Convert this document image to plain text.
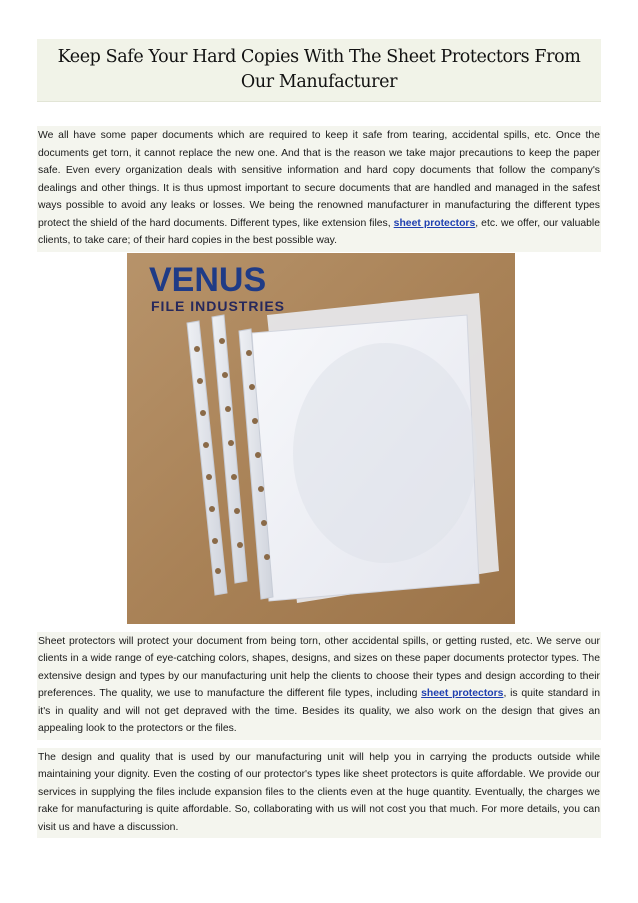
Keep Safe Your Hard Copies With The Sheet Protectors From Our Manufacturer

We all have some paper documents which are required to keep it safe from tearing, accidental spills, etc. Once the documents get torn, it cannot replace the new one. And that is the reason we take major precautions to keep the paper safe. Even every organization deals with sensitive information and hard copy documents that follow the company's dealings and other things. It is thus upmost important to secure documents that are handled and managed in the safest ways possible to avoid any leaks or losses. We being the renowned manufacturer in manufacturing the different types protect the shield of the hard documents. Different types, like extension files, sheet protectors, etc. we offer, our valuable clients, to take care; of their hard copies in the best possible way.

VENUS
FILE INDUSTRIES

Sheet protectors will protect your document from being torn, other accidental spills, or getting rusted, etc. We serve our clients in a wide range of eye-catching colors, shapes, designs, and sizes on these paper documents protector types. The extensive design and types by our manufacturing unit help the clients to choose their types and design according to their preferences. The quality, we use to manufacture the different file types, including sheet protectors, is quite standard in it's in quality and will not get depraved with the time. Besides its quality, we also work on the design that gives an appealing look to the protectors or the files.

The design and quality that is used by our manufacturing unit will help you in carrying the products outside while maintaining your dignity. Even the costing of our protector's types like sheet protectors is quite affordable. We provide our services in supplying the files include expansion files to the clients even at the huge quantity. Eventually, the charges we rake for manufacturing is quite affordable. So, collaborating with us will not cost you that much. For more details, you can visit us and have a discussion.
